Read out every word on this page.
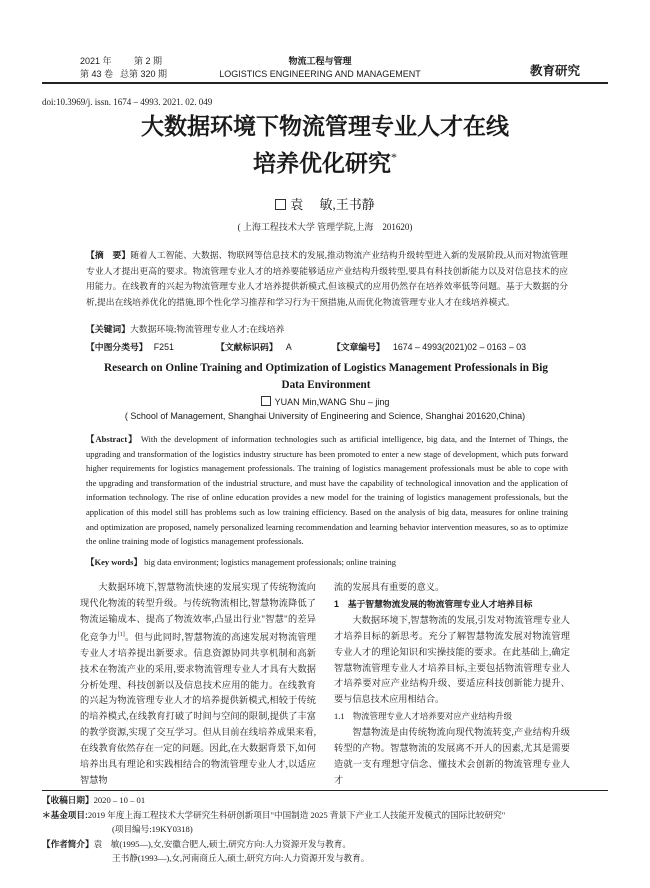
2021 年	第 2 期
第 43 卷 总第 320 期
物流工程与管理
LOGISTICS ENGINEERING AND MANAGEMENT	教育研究
doi:10.3969/j. issn. 1674 – 4993. 2021. 02. 049
大数据环境下物流管理专业人才在线
培养优化研究*
袁　 敏,王书静
( 上海工程技术大学 管理学院,上海　201620)
【摘　要】随着人工智能、大数据、物联网等信息技术的发展,推动物流产业结构升级转型进入新的发展阶段,从而对物流管理专业人才提出更高的要求。物流管理专业人才的培养要能够适应产业结构升级转型,要具有科技创新能力以及对信息技术的应用能力。在线教育的兴起为物流管理专业人才培养提供新模式,但该模式的应用仍然存在培养效率低等问题。基于大数据的分析,提出在线培养优化的措施,即个性化学习推荐和学习行为干预措施,从而优化物流管理专业人才在线培养模式。
【关键词】大数据环境;物流管理专业人才;在线培养
【中图分类号】 F251	【文献标识码】 A	【文章编号】 1674 – 4993(2021)02 – 0163 – 03
Research on Online Training and Optimization of Logistics Management Professionals in Big Data Environment
YUAN Min,WANG Shu – jing
( School of Management, Shanghai University of Engineering and Science, Shanghai 201620,China)
【Abstract】 With the development of information technologies such as artificial intelligence, big data, and the Internet of Things, the upgrading and transformation of the logistics industry structure has been promoted to enter a new stage of development, which puts forward higher requirements for logistics management professionals. The training of logistics management professionals must be able to cope with the upgrading and transformation of the industrial structure, and must have the capability of technological innovation and the application of information technology. The rise of online education provides a new model for the training of logistics management professionals, but the application of this model still has problems such as low training efficiency. Based on the analysis of big data, measures for online training and optimization are proposed, namely personalized learning recommendation and learning behavior intervention measures, so as to optimize the online training mode of logistics management professionals.
【Key words】 big data environment; logistics management professionals; online training
大数据环境下,智慧物流快速的发展实现了传统物流向现代化物流的转型升级。与传统物流相比,智慧物流降低了物流运输成本、提高了物流效率,凸显出行业"智慧"的差异化竞争力[1]。但与此同时,智慧物流的高速发展对物流管理专业人才培养提出新要求。信息资源协同共享机制和高新技术在物流产业的采用,要求物流管理专业人才具有大数据分析处理、科技创新以及信息技术应用的能力。在线教育的兴起为物流管理专业人才的培养提供新模式,相较于传统的培养模式,在线教育打破了时间与空间的限制,提供了丰富的教学资源,实现了交互学习。但从目前在线培养成果来看,在线教育依然存在一定的问题。因此,在大数据背景下,如何培养出具有理论和实践相结合的物流管理专业人才,以适应智慧物
流的发展具有重要的意义。
1　基于智慧物流发展的物流管理专业人才培养目标
大数据环境下,智慧物流的发展,引发对物流管理专业人才培养目标的新思考。充分了解智慧物流发展对物流管理专业人才的理论知识和实操技能的要求。在此基础上,确定智慧物流管理专业人才培养目标,主要包括物流管理专业人才培养要对应产业结构升级、要适应科技创新能力提升、要与信息技术应用相结合。
1.1　物流管理专业人才培养要对应产业结构升级
智慧物流是由传统物流向现代物流转变,产业结构升级转型的产物。智慧物流的发展离不开人的因素,尤其是需要造就一支有理想守信念、懂技术会创新的物流管理专业人才
【收稿日期】2020 – 10 – 01
＊基金项目:2019 年度上海工程技术大学研究生科研创新项目"中国制造 2025 背景下产业工人技能开发模式的国际比较研究"
(项目编号:19KY0318)
【作者简介】袁　敏(1995—),女,安徽合肥人,硕士,研究方向:人力资源开发与教育。
王书静(1993—),女,河南商丘人,硕士,研究方向:人力资源开发与教育。
